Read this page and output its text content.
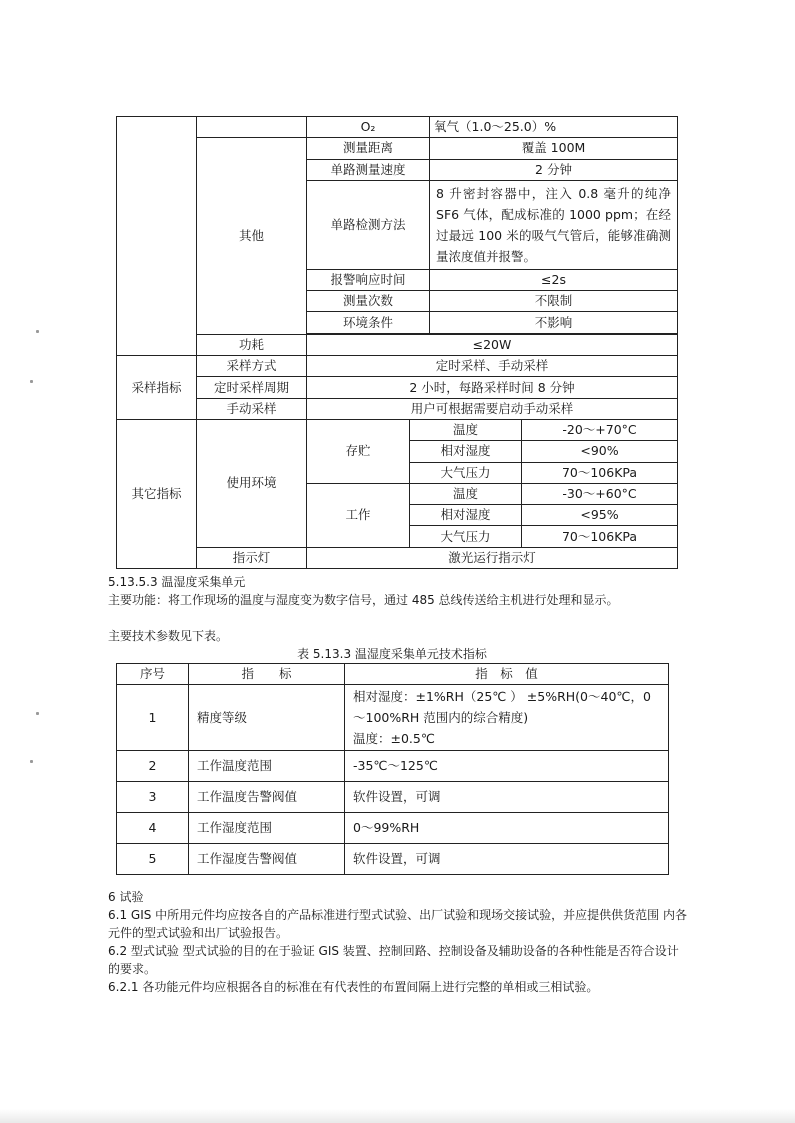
		O₂		氧气（1.0～25.0）%	
	其他	测量距离		覆盖 100M	
		单路测量速度		2 分钟	
		单路检测方法		8 升密封容器中，注入 0.8 毫升的纯净 SF6 气体，配成标准的 1000 ppm；在经过最远 100 米的吸气气管后，能够准确测量浓度值并报警。	
		报警响应时间		≤2s	
		测量次数		不限制	
		环境条件		不影响	

	功耗	≤20W			
采样指标	采样方式	定时采样、手动采样			
	定时采样周期	2 小时，每路采样时间 8 分钟			
	手动采样	用户可根据需要启动手动采样			
其它指标	使用环境	存贮	温度		-20～+70°C
			相对湿度		<90%
			大气压力		70～106KPa
		工作	温度		-30～+60°C
			相对湿度		<95%
			大气压力		70～106KPa
	指示灯	激光运行指示灯			

5.13.5.3 温湿度采集单元

主要功能：将工作现场的温度与湿度变为数字信号，通过 485 总线传送给主机进行处理和显示。

主要技术参数见下表。

表 5.13.3 温湿度采集单元技术指标
序号	指　　标	指　标　值
1	精度等级	相对湿度：±1%RH（25℃ ） ±5%RH(0～40℃，0～100%RH 范围内的综合精度)
温度：±0.5℃

2	工作温度范围	-35℃～125℃
3	工作温度告警阀值	软件设置，可调
4	工作湿度范围	0～99%RH
5	工作湿度告警阀值	软件设置，可调

6 试验

6.1 GIS 中所用元件均应按各自的产品标准进行型式试验、出厂试验和现场交接试验，并应提供供货范围 内各元件的型式试验和出厂试验报告。

6.2 型式试验 型式试验的目的在于验证 GIS 装置、控制回路、控制设备及辅助设备的各种性能是否符合设计的要求。

6.2.1 各功能元件均应根据各自的标准在有代表性的布置间隔上进行完整的单相或三相试验。
